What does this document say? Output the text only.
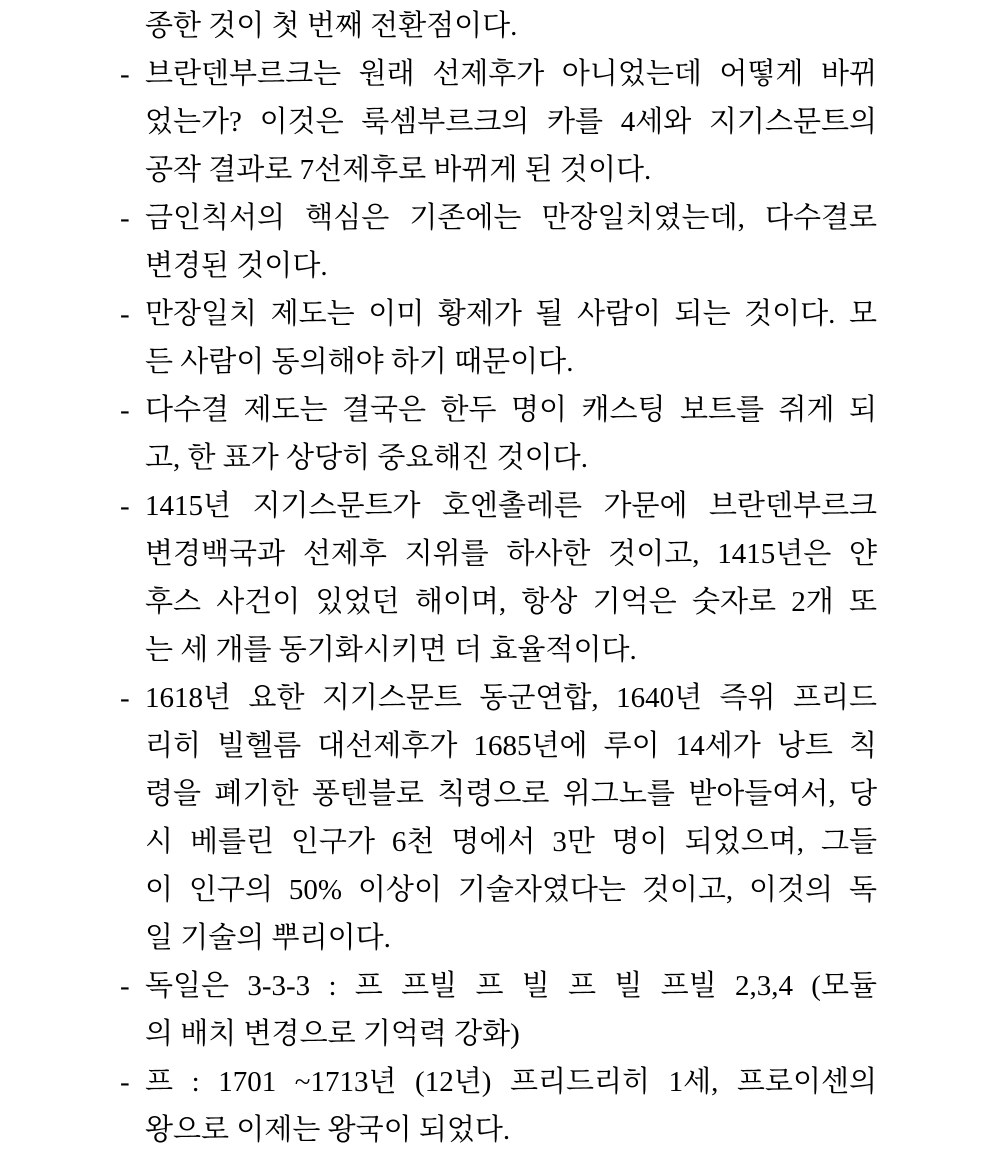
종한 것이 첫 번째 전환점이다.
- 브란덴부르크는 원래 선제후가 아니었는데 어떻게 바뀌
었는가? 이것은 룩셈부르크의 카를 4세와 지기스문트의
공작 결과로 7선제후로 바뀌게 된 것이다.
- 금인칙서의 핵심은 기존에는 만장일치였는데, 다수결로
변경된 것이다.
- 만장일치 제도는 이미 황제가 될 사람이 되는 것이다. 모
든 사람이 동의해야 하기 때문이다.
- 다수결 제도는 결국은 한두 명이 캐스팅 보트를 쥐게 되
고, 한 표가 상당히 중요해진 것이다.
- 1415년 지기스문트가 호엔촐레른 가문에 브란덴부르크
변경백국과 선제후 지위를 하사한 것이고, 1415년은 얀
후스 사건이 있었던 해이며, 항상 기억은 숫자로 2개 또
는 세 개를 동기화시키면 더 효율적이다.
- 1618년 요한 지기스문트 동군연합, 1640년 즉위 프리드
리히 빌헬름 대선제후가 1685년에 루이 14세가 낭트 칙
령을 폐기한 퐁텐블로 칙령으로 위그노를 받아들여서, 당
시 베를린 인구가 6천 명에서 3만 명이 되었으며, 그들
이 인구의 50% 이상이 기술자였다는 것이고, 이것의 독
일 기술의 뿌리이다.
- 독일은 3-3-3 : 프 프빌 프 빌 프 빌 프빌 2,3,4 (모듈
의 배치 변경으로 기억력 강화)
- 프 : 1701 ~1713년 (12년) 프리드리히 1세, 프로이센의
왕으로 이제는 왕국이 되었다.
